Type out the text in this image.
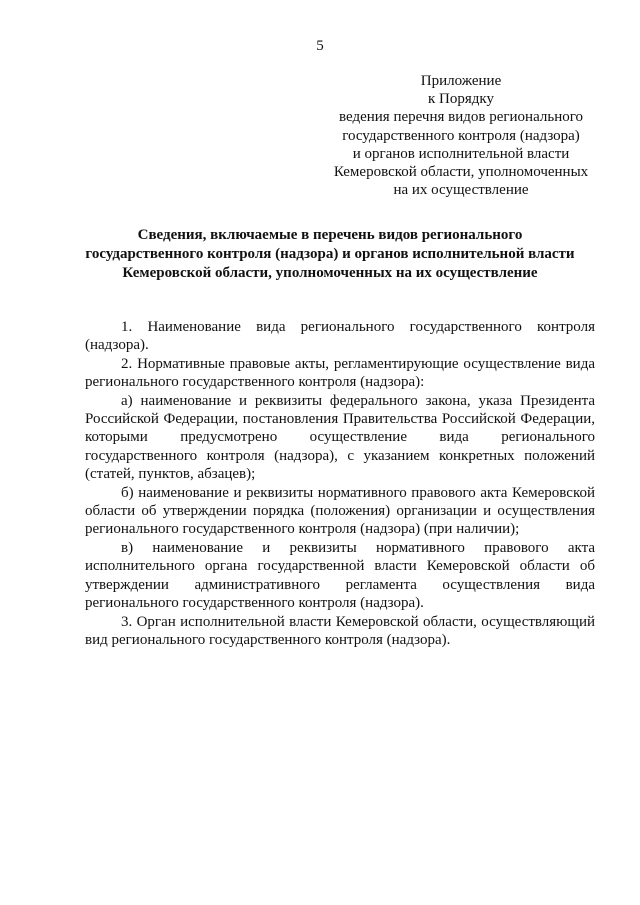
5
Приложение
к Порядку
ведения перечня видов регионального
государственного контроля (надзора)
и органов исполнительной власти
Кемеровской области, уполномоченных
на их осуществление
Сведения, включаемые в перечень видов регионального
государственного контроля (надзора) и органов исполнительной власти
Кемеровской области, уполномоченных на их осуществление

1. Наименование вида регионального государственного контроля (надзора).

2. Нормативные правовые акты, регламентирующие осуществление вида регионального государственного контроля (надзора):

а) наименование и реквизиты федерального закона, указа Президента Российской Федерации, постановления Правительства Российской Федерации, которыми предусмотрено осуществление вида регионального государственного контроля (надзора), с указанием конкретных положений (статей, пунктов, абзацев);

б) наименование и реквизиты нормативного правового акта Кемеровской области об утверждении порядка (положения) организации и осуществления регионального государственного контроля (надзора) (при наличии);

в) наименование и реквизиты нормативного правового акта исполнительного органа государственной власти Кемеровской области об утверждении административного регламента осуществления вида регионального государственного контроля (надзора).

3. Орган исполнительной власти Кемеровской области, осуществляющий вид регионального государственного контроля (надзора).
